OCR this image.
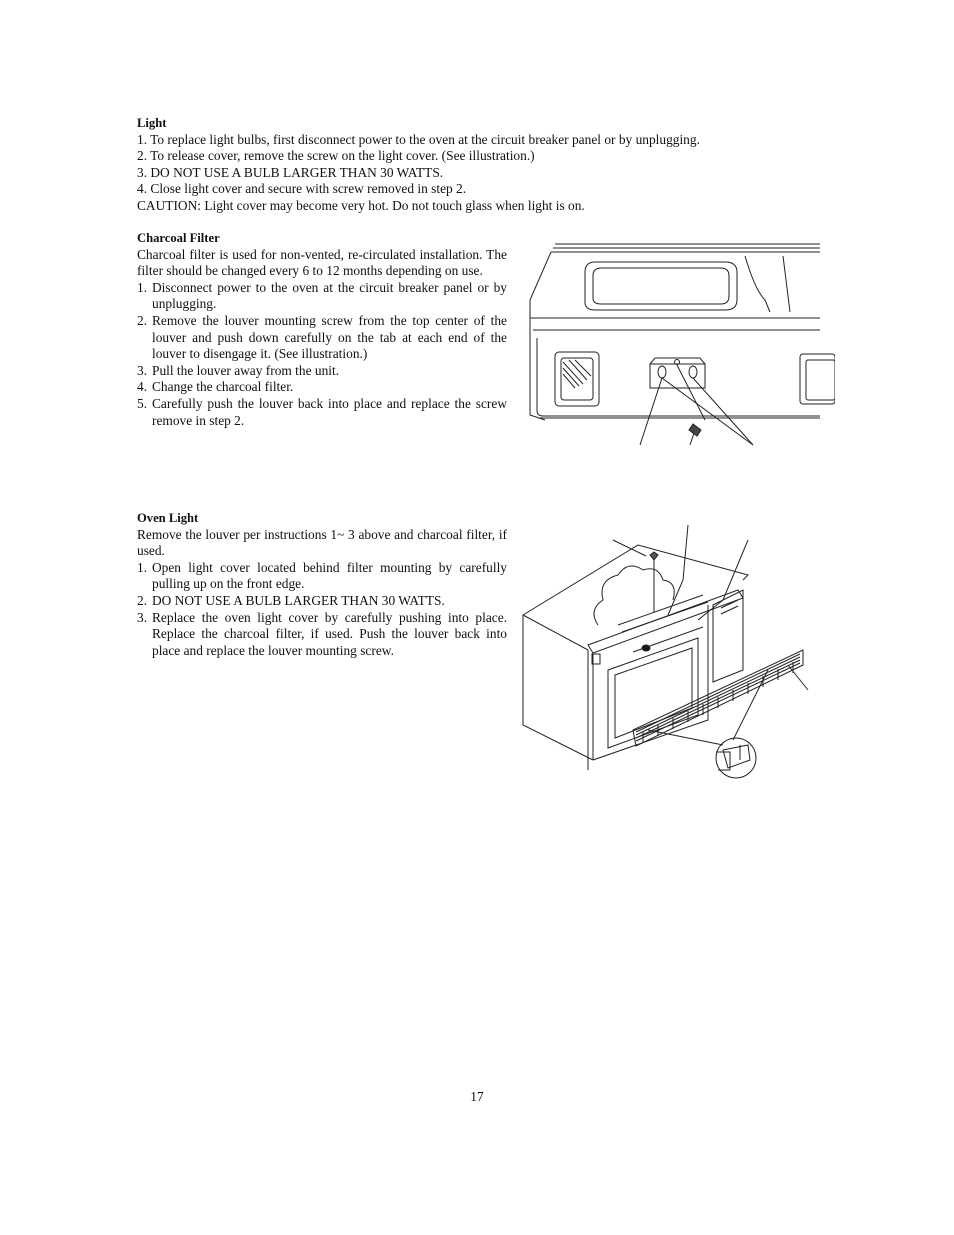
Light

1. To replace light bulbs, first disconnect power to the oven at the circuit breaker panel or by unplugging.

2. To release cover, remove the screw on the light cover. (See illustration.)

3. DO NOT USE A BULB LARGER THAN 30 WATTS.

4. Close light cover and secure with screw removed in step 2.

CAUTION: Light cover may become very hot. Do not touch glass when light is on.

Charcoal Filter

Charcoal filter is used for non-vented, re-circulated installation. The filter should be changed every 6 to 12 months depending on use.

1. Disconnect power to the oven at the circuit breaker panel or by unplugging.
2. Remove the louver mounting screw from the top center of the louver and push down carefully on the tab at each end of the louver to disengage it. (See illustration.)
3. Pull the louver away from the unit.
4. Change the charcoal filter.
5. Carefully push the louver back into place and replace the screw remove in step 2.
Oven Light

Remove the louver per instructions 1~ 3 above and charcoal filter, if used.

1. Open light cover located behind filter mounting by carefully pulling up on the front edge.
2. DO NOT USE A BULB LARGER THAN 30 WATTS.
3. Replace the oven light cover by carefully pushing into place. Replace the charcoal filter, if used. Push the louver back into place and replace the louver mounting screw.
17
